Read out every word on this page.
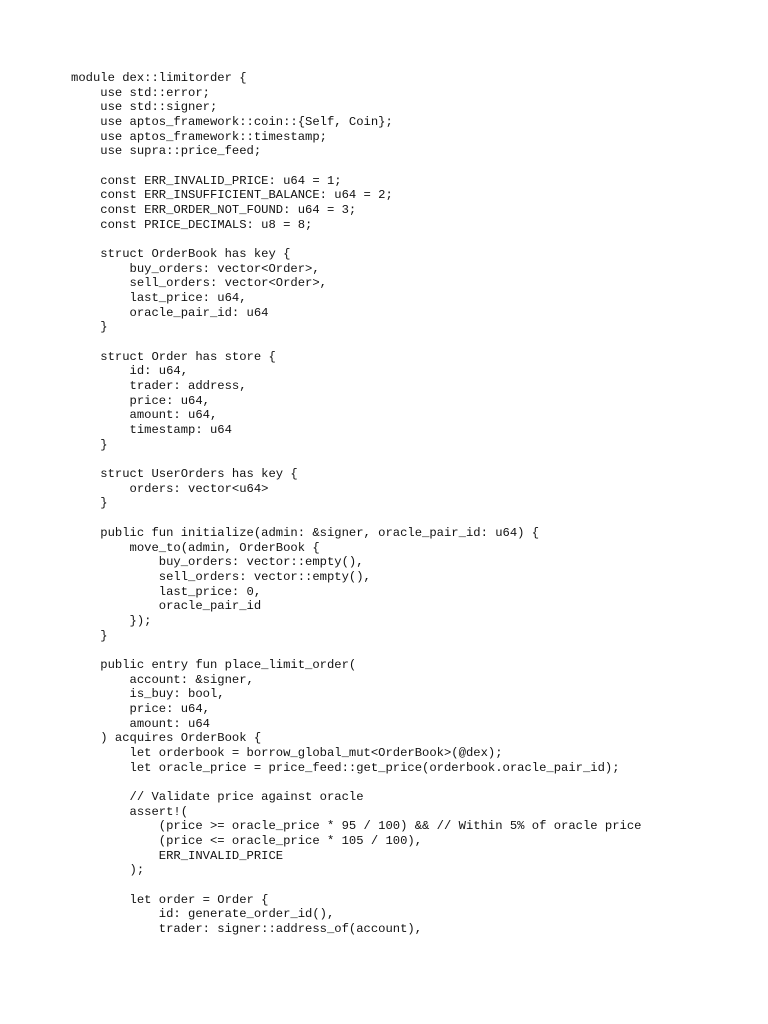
module dex::limitorder {
use std::error;
use std::signer;
use aptos_framework::coin::{Self, Coin};
use aptos_framework::timestamp;
use supra::price_feed;
const ERR_INVALID_PRICE: u64 = 1;
const ERR_INSUFFICIENT_BALANCE: u64 = 2;
const ERR_ORDER_NOT_FOUND: u64 = 3;
const PRICE_DECIMALS: u8 = 8;
struct OrderBook has key {
buy_orders: vector<Order>,
sell_orders: vector<Order>,
last_price: u64,
oracle_pair_id: u64
}
struct Order has store {
id: u64,
trader: address,
price: u64,
amount: u64,
timestamp: u64
}
struct UserOrders has key {
orders: vector<u64>
}
public fun initialize(admin: &signer, oracle_pair_id: u64) {
move_to(admin, OrderBook {
buy_orders: vector::empty(),
sell_orders: vector::empty(),
last_price: 0,
oracle_pair_id
});
}
public entry fun place_limit_order(
account: &signer,
is_buy: bool,
price: u64,
amount: u64
) acquires OrderBook {
let orderbook = borrow_global_mut<OrderBook>(@dex);
let oracle_price = price_feed::get_price(orderbook.oracle_pair_id);
// Validate price against oracle
assert!(
(price >= oracle_price * 95 / 100) && // Within 5% of oracle price
(price <= oracle_price * 105 / 100),
ERR_INVALID_PRICE
);
let order = Order {
id: generate_order_id(),
trader: signer::address_of(account),
